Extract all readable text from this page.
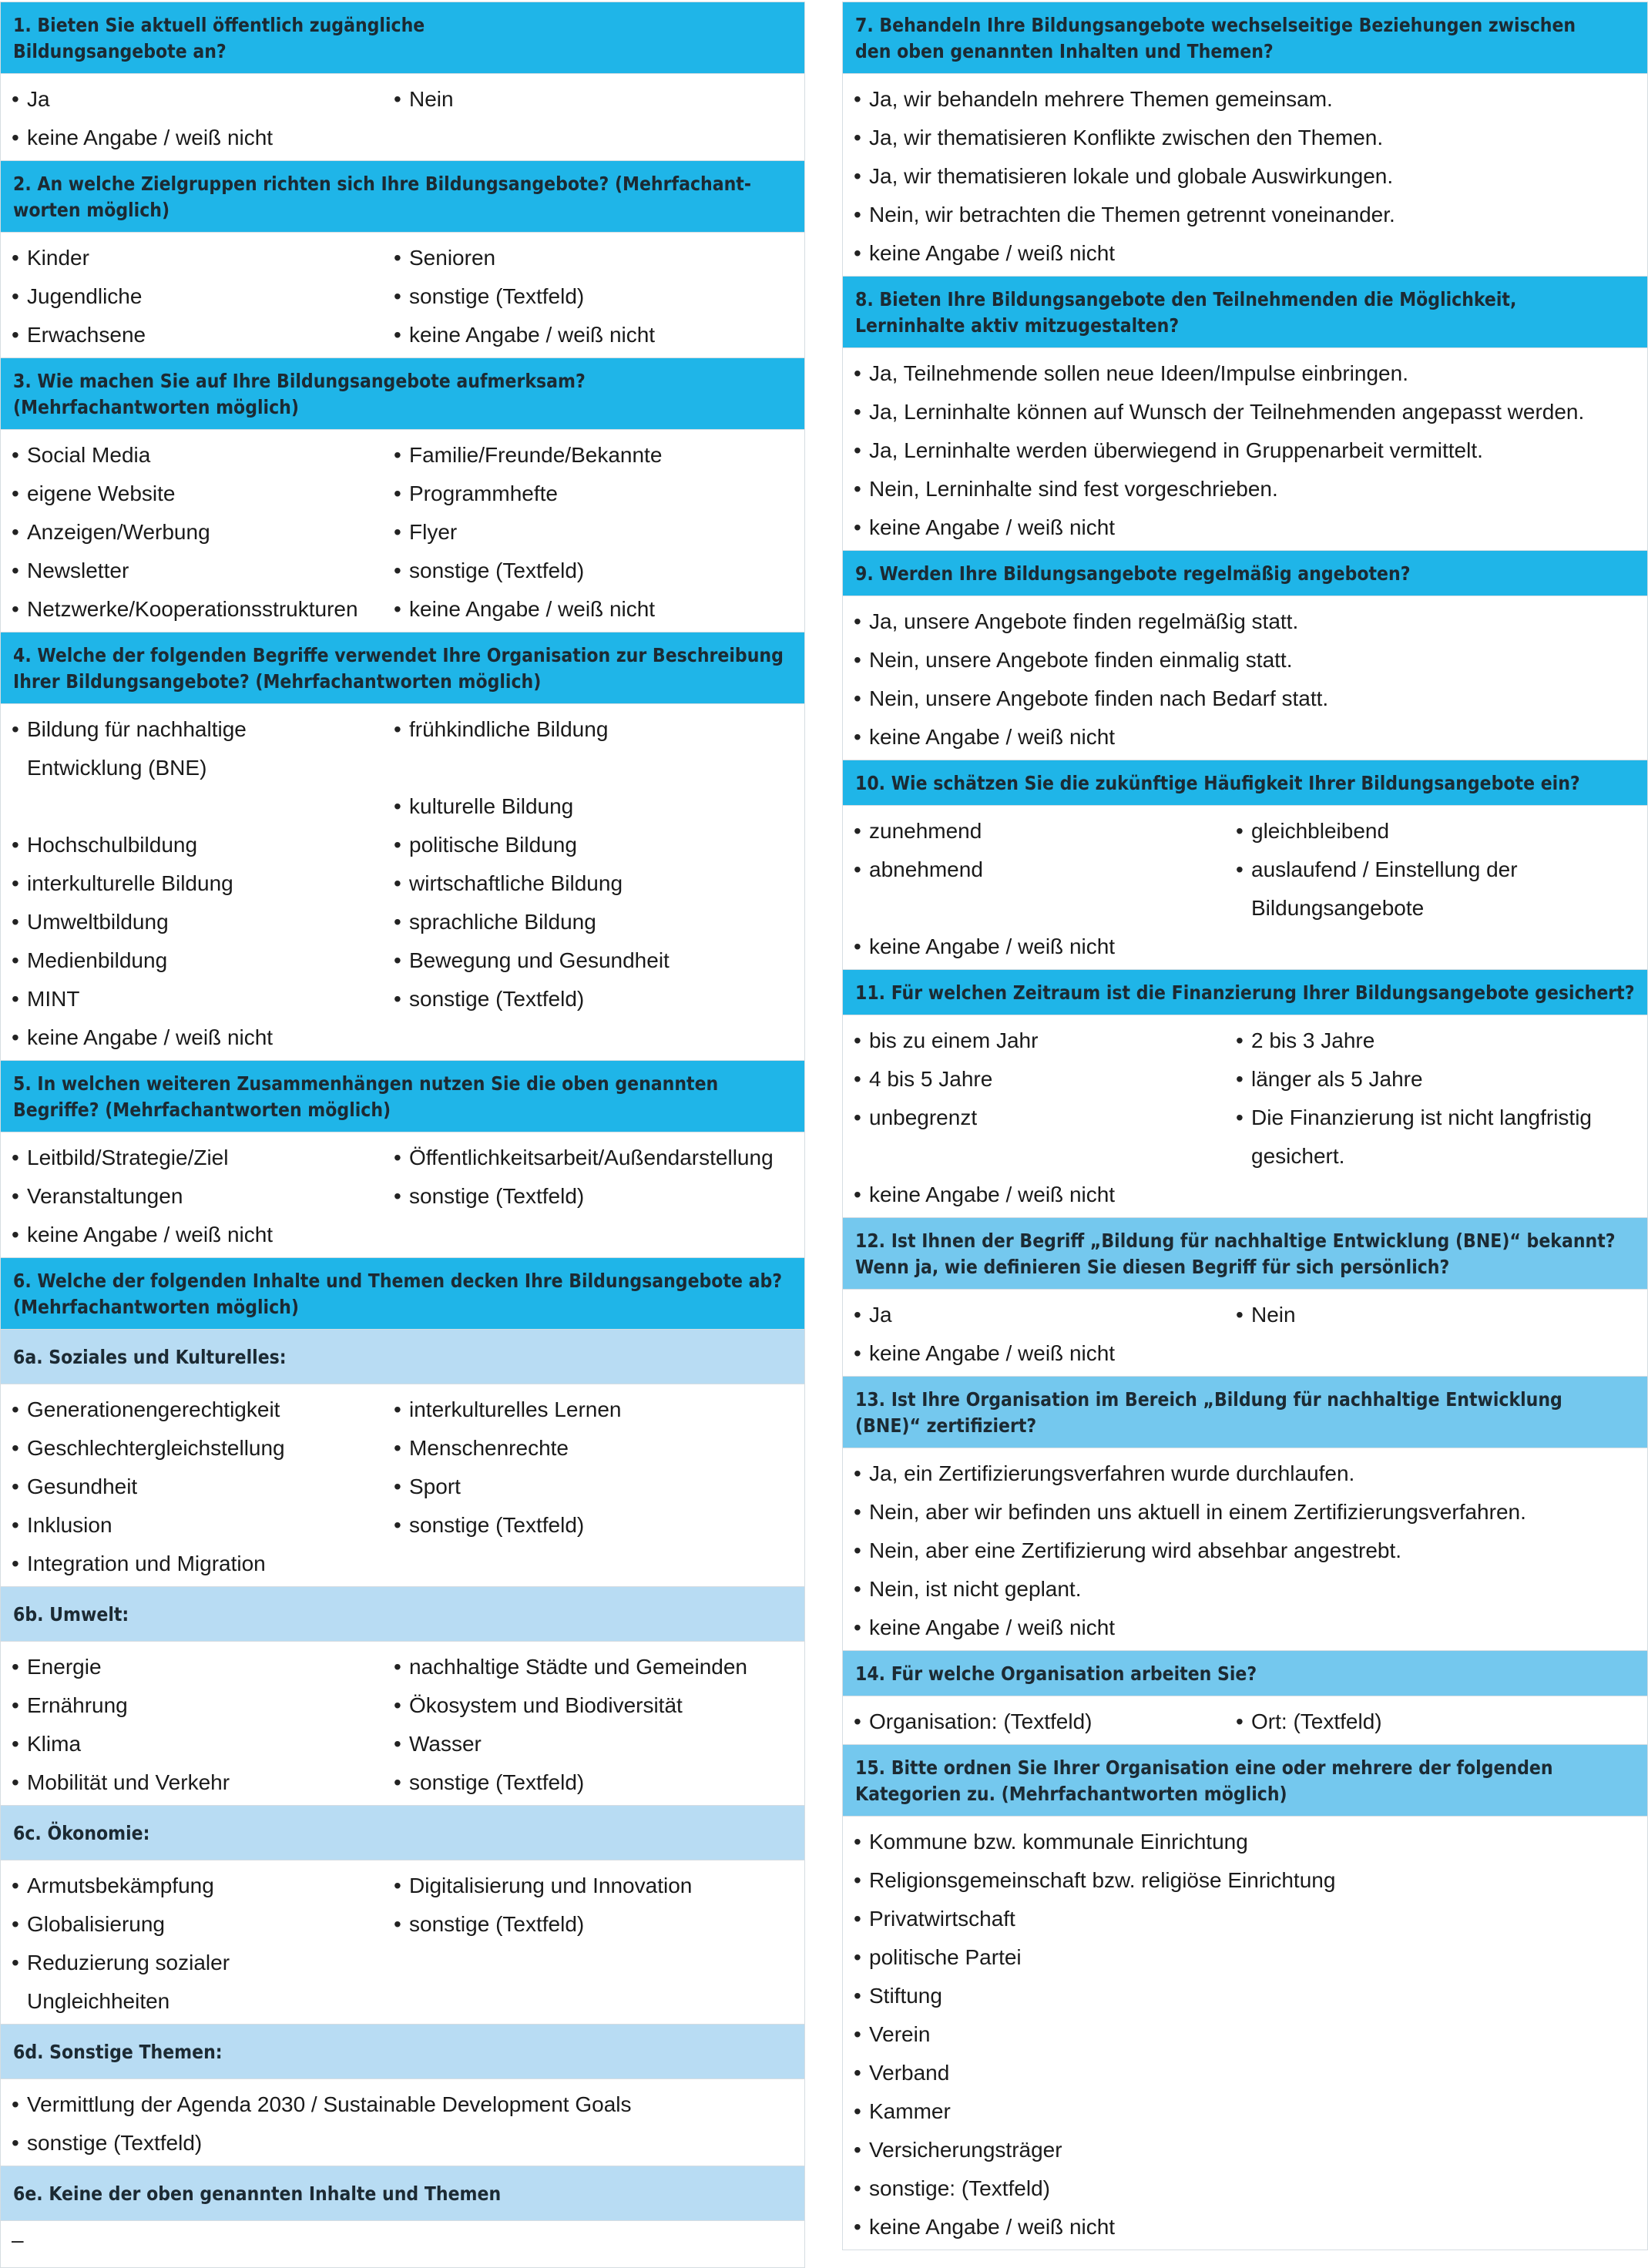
1. Bieten Sie aktuell öffentlich zugängliche
Bildungsangebote an?
• Ja	• Nein
• keine Angabe / weiß nicht
2. An welche Zielgruppen richten sich Ihre Bildungsangebote? (Mehrfachant-
worten möglich)
• Kinder	• Senioren
• Jugendliche	• sonstige (Textfeld)
• Erwachsene	• keine Angabe / weiß nicht
3. Wie machen Sie auf Ihre Bildungsangebote aufmerksam?
(Mehrfachantworten möglich)
• Social Media	• Familie/Freunde/Bekannte
• eigene Website	• Programmhefte
• Anzeigen/Werbung	• Flyer
• Newsletter	• sonstige (Textfeld)
• Netzwerke/Kooperationsstrukturen	• keine Angabe / weiß nicht
4. Welche der folgenden Begriffe verwendet Ihre Organisation zur Beschreibung
Ihrer Bildungsangebote? (Mehrfachantworten möglich)
• Bildung für nachhaltige
Entwicklung (BNE)
• frühkindliche Bildung
• kulturelle Bildung
• Hochschulbildung	• politische Bildung
• interkulturelle Bildung	• wirtschaftliche Bildung
• Umweltbildung	• sprachliche Bildung
• Medienbildung	• Bewegung und Gesundheit
• MINT	• sonstige (Textfeld)
• keine Angabe / weiß nicht
5. In welchen weiteren Zusammenhängen nutzen Sie die oben genannten
Begriffe? (Mehrfachantworten möglich)
• Leitbild/Strategie/Ziel	• Öffentlichkeitsarbeit/Außendarstellung
• Veranstaltungen	• sonstige (Textfeld)
• keine Angabe / weiß nicht
6. Welche der folgenden Inhalte und Themen decken Ihre Bildungsangebote ab?
(Mehrfachantworten möglich)
6a. Soziales und Kulturelles:
• Generationengerechtigkeit	• interkulturelles Lernen
• Geschlechtergleichstellung	• Menschenrechte
• Gesundheit	• Sport
• Inklusion	• sonstige (Textfeld)
• Integration und Migration
6b. Umwelt:
• Energie	• nachhaltige Städte und Gemeinden
• Ernährung	• Ökosystem und Biodiversität
• Klima	• Wasser
• Mobilität und Verkehr	• sonstige (Textfeld)
6c. Ökonomie:
• Armutsbekämpfung	• Digitalisierung und Innovation
• Globalisierung	• sonstige (Textfeld)
• Reduzierung sozialer
Ungleichheiten
6d. Sonstige Themen:
• Vermittlung der Agenda 2030 / Sustainable Development Goals
• sonstige (Textfeld)
6e. Keine der oben genannten Inhalte und Themen
–
7. Behandeln Ihre Bildungsangebote wechselseitige Beziehungen zwischen
den oben genannten Inhalten und Themen?
• Ja, wir behandeln mehrere Themen gemeinsam.
• Ja, wir thematisieren Konflikte zwischen den Themen.
• Ja, wir thematisieren lokale und globale Auswirkungen.
• Nein, wir betrachten die Themen getrennt voneinander.
• keine Angabe / weiß nicht
8. Bieten Ihre Bildungsangebote den Teilnehmenden die Möglichkeit,
Lerninhalte aktiv mitzugestalten?
• Ja, Teilnehmende sollen neue Ideen/Impulse einbringen.
• Ja, Lerninhalte können auf Wunsch der Teilnehmenden angepasst werden.
• Ja, Lerninhalte werden überwiegend in Gruppenarbeit vermittelt.
• Nein, Lerninhalte sind fest vorgeschrieben.
• keine Angabe / weiß nicht
9. Werden Ihre Bildungsangebote regelmäßig angeboten?
• Ja, unsere Angebote finden regelmäßig statt.
• Nein, unsere Angebote finden einmalig statt.
• Nein, unsere Angebote finden nach Bedarf statt.
• keine Angabe / weiß nicht
10. Wie schätzen Sie die zukünftige Häufigkeit Ihrer Bildungsangebote ein?
• zunehmend	• gleichbleibend
• abnehmend	• auslaufend / Einstellung der
Bildungsangebote
• keine Angabe / weiß nicht
11. Für welchen Zeitraum ist die Finanzierung Ihrer Bildungsangebote gesichert?
• bis zu einem Jahr	• 2 bis 3 Jahre
• 4 bis 5 Jahre	• länger als 5 Jahre
• unbegrenzt	• Die Finanzierung ist nicht langfristig
gesichert.
• keine Angabe / weiß nicht
12. Ist Ihnen der Begriff „Bildung für nachhaltige Entwicklung (BNE)“ bekannt?
Wenn ja, wie definieren Sie diesen Begriff für sich persönlich?
• Ja	• Nein
• keine Angabe / weiß nicht
13. Ist Ihre Organisation im Bereich „Bildung für nachhaltige Entwicklung
(BNE)“ zertifiziert?
• Ja, ein Zertifizierungsverfahren wurde durchlaufen.
• Nein, aber wir befinden uns aktuell in einem Zertifizierungsverfahren.
• Nein, aber eine Zertifizierung wird absehbar angestrebt.
• Nein, ist nicht geplant.
• keine Angabe / weiß nicht
14. Für welche Organisation arbeiten Sie?
• Organisation: (Textfeld)	• Ort: (Textfeld)
15. Bitte ordnen Sie Ihrer Organisation eine oder mehrere der folgenden
Kategorien zu. (Mehrfachantworten möglich)
• Kommune bzw. kommunale Einrichtung
• Religionsgemeinschaft bzw. religiöse Einrichtung
• Privatwirtschaft
• politische Partei
• Stiftung
• Verein
• Verband
• Kammer
• Versicherungsträger
• sonstige: (Textfeld)
• keine Angabe / weiß nicht
